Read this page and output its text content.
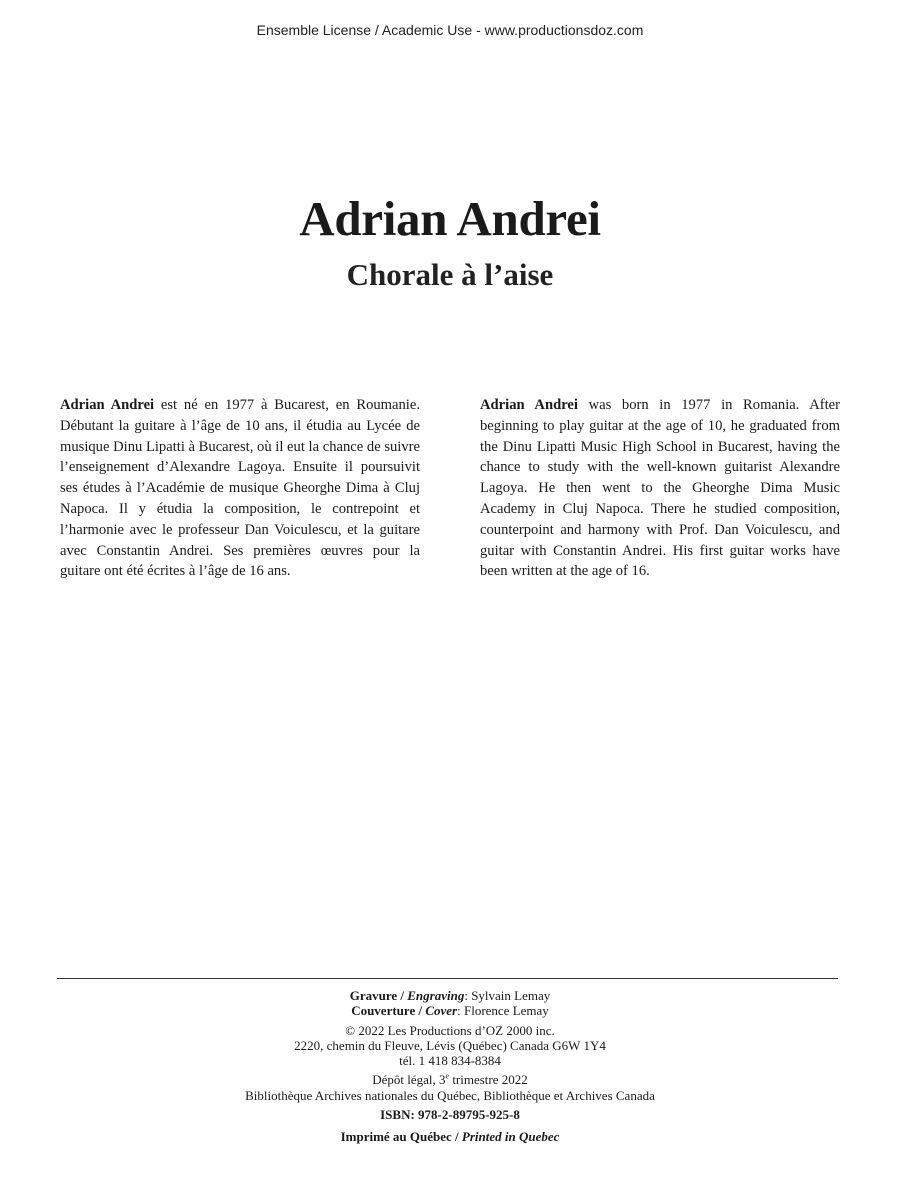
Ensemble License / Academic Use - www.productionsdoz.com
Adrian Andrei
Chorale à l’aise

Adrian Andrei est né en 1977 à Bucarest, en Roumanie. Débutant la guitare à l’âge de 10 ans, il étudia au Lycée de musique Dinu Lipatti à Bucarest, où il eut la chance de suivre l’enseignement d’Alexandre Lagoya. Ensuite il poursuivit ses études à l’Académie de musique Gheorghe Dima à Cluj Napoca. Il y étudia la composition, le contrepoint et l’harmonie avec le professeur Dan Voiculescu, et la guitare avec Constantin Andrei. Ses premières œuvres pour la guitare ont été écrites à l’âge de 16 ans.

Adrian Andrei was born in 1977 in Romania. After beginning to play guitar at the age of 10, he graduated from the Dinu Lipatti Music High School in Bucarest, having the chance to study with the well-known guitarist Alexandre Lagoya. He then went to the Gheorghe Dima Music Academy in Cluj Napoca. There he studied composition, counterpoint and harmony with Prof. Dan Voiculescu, and guitar with Constantin Andrei. His first guitar works have been written at the age of 16.

Gravure / Engraving: Sylvain Lemay
Couverture / Cover: Florence Lemay
© 2022 Les Productions d’OZ 2000 inc.
2220, chemin du Fleuve, Lévis (Québec) Canada G6W 1Y4
tél. 1 418 834-8384
Dépôt légal, 3e trimestre 2022
Bibliothèque Archives nationales du Québec, Bibliothèque et Archives Canada
ISBN: 978-2-89795-925-8
Imprimé au Québec / Printed in Quebec
